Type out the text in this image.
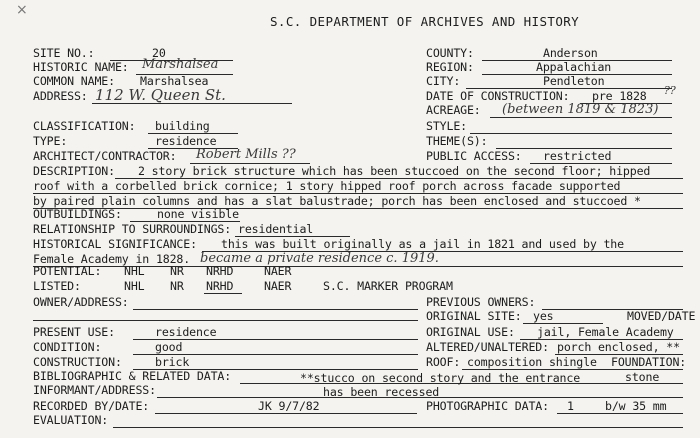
×
S.C. DEPARTMENT OF ARCHIVES AND HISTORY
SITE NO.:	20
HISTORIC NAME: Marshalsea
COMMON NAME: Marshalsea
ADDRESS: 112 W. Queen St.
CLASSIFICATION: building
TYPE:	residence
ARCHITECT/CONTRACTOR: Robert Mills ??
COUNTY:	Anderson
REGION:	Appalachian
CITY:	Pendleton
DATE OF CONSTRUCTION: pre 1828 ??
ACREAGE: (between 1819 & 1823)
STYLE:
THEME(S):
PUBLIC ACCESS: restricted
DESCRIPTION: 2 story brick structure which has been stuccoed on the second floor; hipped
roof with a corbelled brick cornice; 1 story hipped roof porch across facade supported
by paired plain columns and has a slat balustrade; porch has been enclosed and stuccoed *
OUTBUILDINGS:	none visible
RELATIONSHIP TO SURROUNDINGS: residential
HISTORICAL SIGNIFICANCE: this was built originally as a jail in 1821 and used by the
Female Academy in 1828. became a private residence c. 1919.
POTENTIAL: NHL NR NRHD	NAER
LISTED:	NHL NR NRHD	NAER	S.C. MARKER PROGRAM
OWNER/ADDRESS:	PREVIOUS OWNERS:
ORIGINAL SITE: yes	MOVED/DATE
PRESENT USE:	residence	ORIGINAL USE: jail, Female Academy
CONDITION:	good	ALTERED/UNALTERED: porch enclosed, **
CONSTRUCTION:	brick	ROOF: composition shingle FOUNDATION:
BIBLIOGRAPHIC & RELATED DATA:	**stucco on second story and the entrance	stone
INFORMANT/ADDRESS:	has been recessed
RECORDED BY/DATE:	JK 9/7/82	PHOTOGRAPHIC DATA: 1	b/w 35 mm
EVALUATION:
